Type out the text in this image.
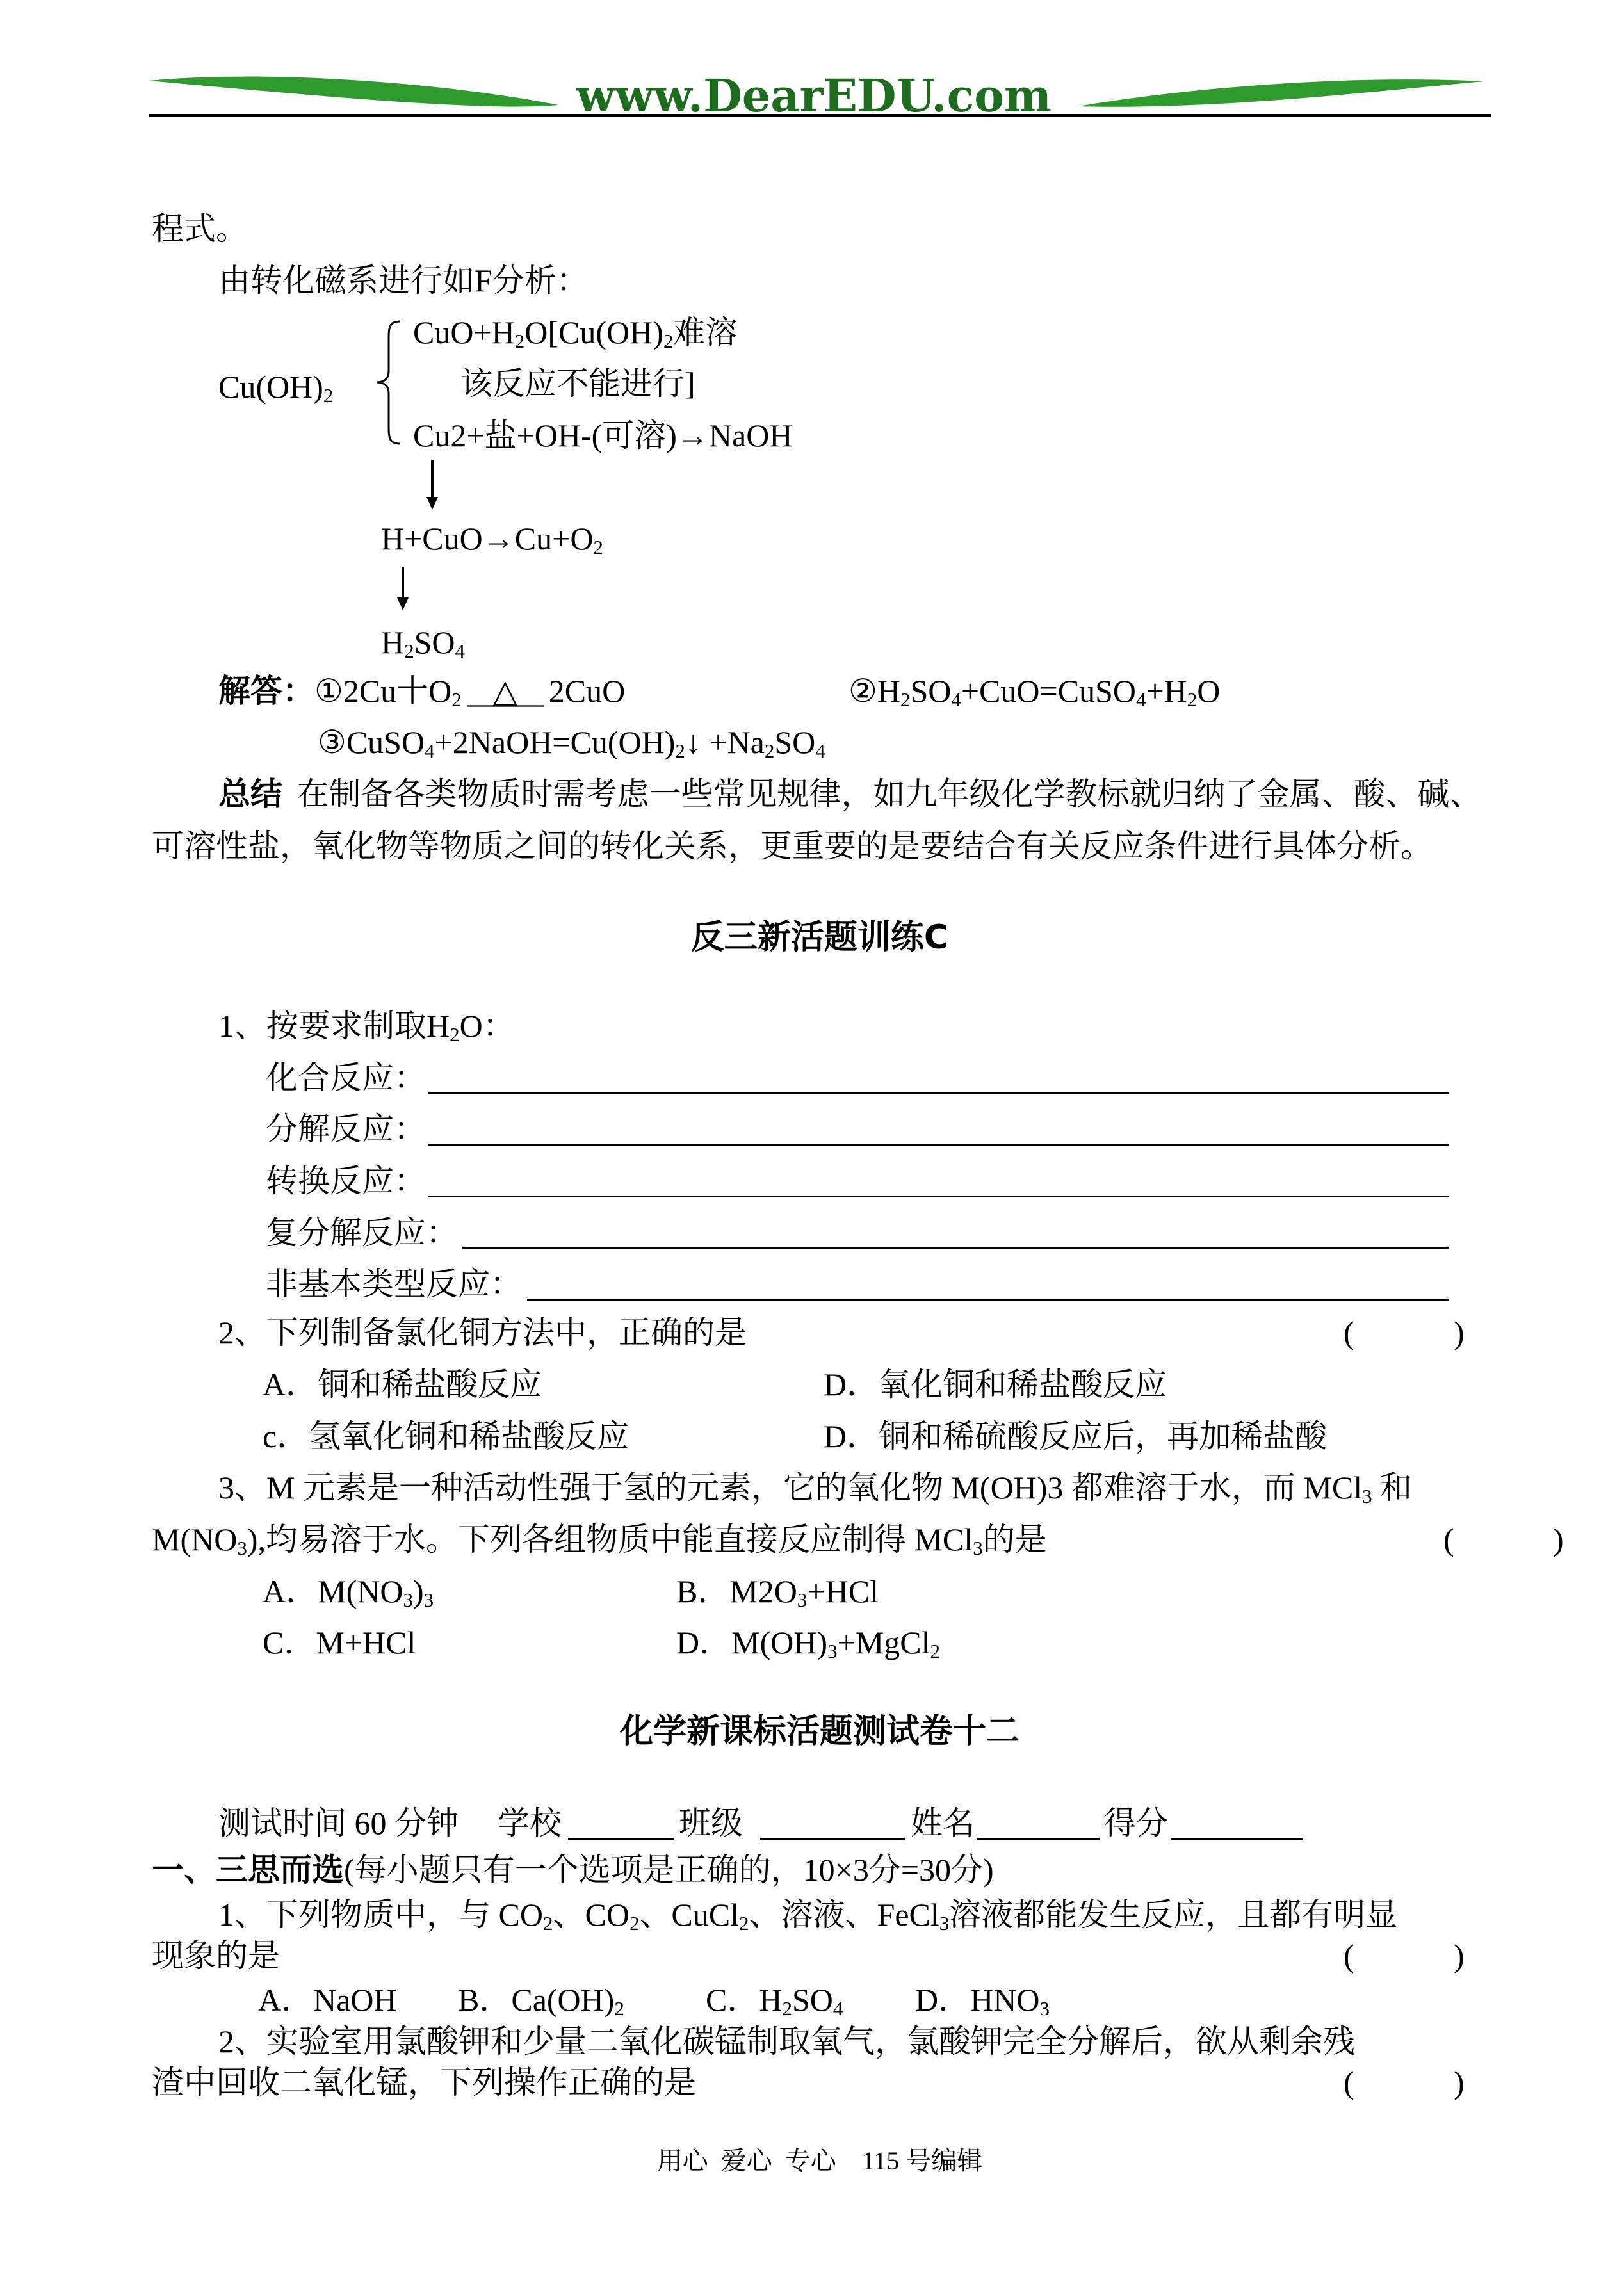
www.DearEDU.com
程式。
由转化磁系进行如F分析：
$CuO+H_2O[Cu(OH)_2$难溶
$Cu(OH)_2$	该反应不能进行]
Cu2+盐+OH-(可溶)→NaOH
$H+CuO\to Cu+O_2$
$H_2SO_4$
解答：①2Cu十$O_2$ △ 2CuO	$②H_2SO_4+CuO=CuSO_4+H_2O$
$③CuSO_4+2NaOH=Cu(OH)_2↓ +Na_2SO_4$
总结 在制备各类物质时需考虑一些常见规律，如九年级化学教标就归纳了金属、酸、碱、
可溶性盐，氧化物等物质之间的转化关系，更重要的是要结合有关反应条件进行具体分析。
反三新活题训练C
1、按要求制取$H_2O$：
化合反应：
分解反应：
转换反应：
复分解反应：
非基本类型反应：
2、下列制备氯化铜方法中，正确的是	(	)
A．铜和稀盐酸反应	D．氧化铜和稀盐酸反应
c．氢氧化铜和稀盐酸反应	D．铜和稀硫酸反应后，再加稀盐酸
3、M 元素是一种活动性强于氢的元素，它的氧化物 M(OH)3 都难溶于水，而 MCl$_3$ 和
$M(NO_3)$,均易溶于水。下列各组物质中能直接反应制得 MCl$_3$的是	(	)
A．$M(NO_3)_3$	B．$M2O_3+HCl$
C．M+HCl	D．$M(OH)_3+MgCl_2$
化学新课标活题测试卷十二
测试时间 60 分钟 学校	班级	姓名	得分
一、三思而选(每小题只有一个选项是正确的，10×3分=30分)
1、下列物质中，与 $CO_2$、$CO_2$、CuCl$_2$、溶液、FeCl$_3$溶液都能发生反应，且都有明显
现象的是	(	)
A．NaOH B．$Ca(OH)_2$	C．$H_2SO_4$ D．$HNO_3$
2、实验室用氯酸钾和少量二氧化碳锰制取氧气，氯酸钾完全分解后，欲从剩余残
渣中回收二氧化锰，下列操作正确的是	(	)
用心  爱心  专心    115 号编辑
